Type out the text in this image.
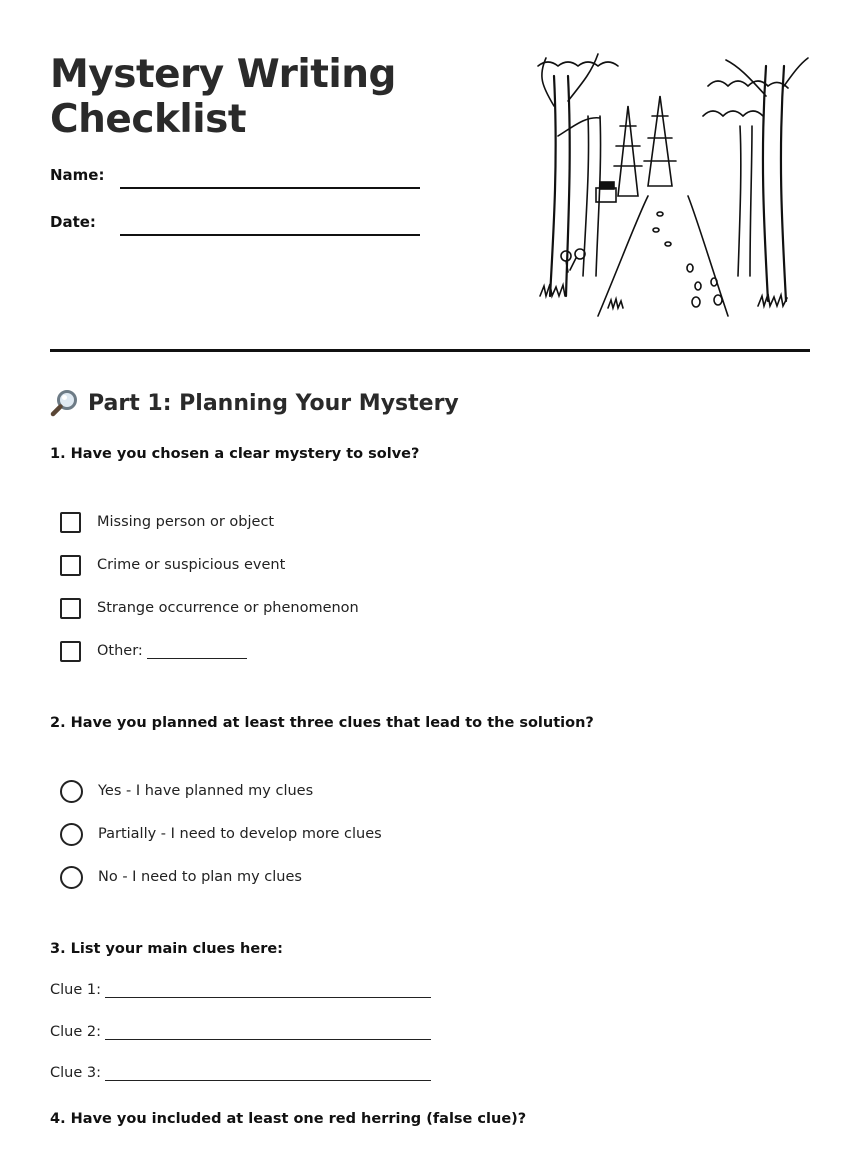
Mystery Writing
Checklist
Name:
Date:
Part 1: Planning Your Mystery
1. Have you chosen a clear mystery to solve?
Missing person or object
Crime or suspicious event
Strange occurrence or phenomenon
Other:
2. Have you planned at least three clues that lead to the solution?
Yes - I have planned my clues
Partially - I need to develop more clues
No - I need to plan my clues
3. List your main clues here:
Clue 1:
Clue 2:
Clue 3:
4. Have you included at least one red herring (false clue)?
